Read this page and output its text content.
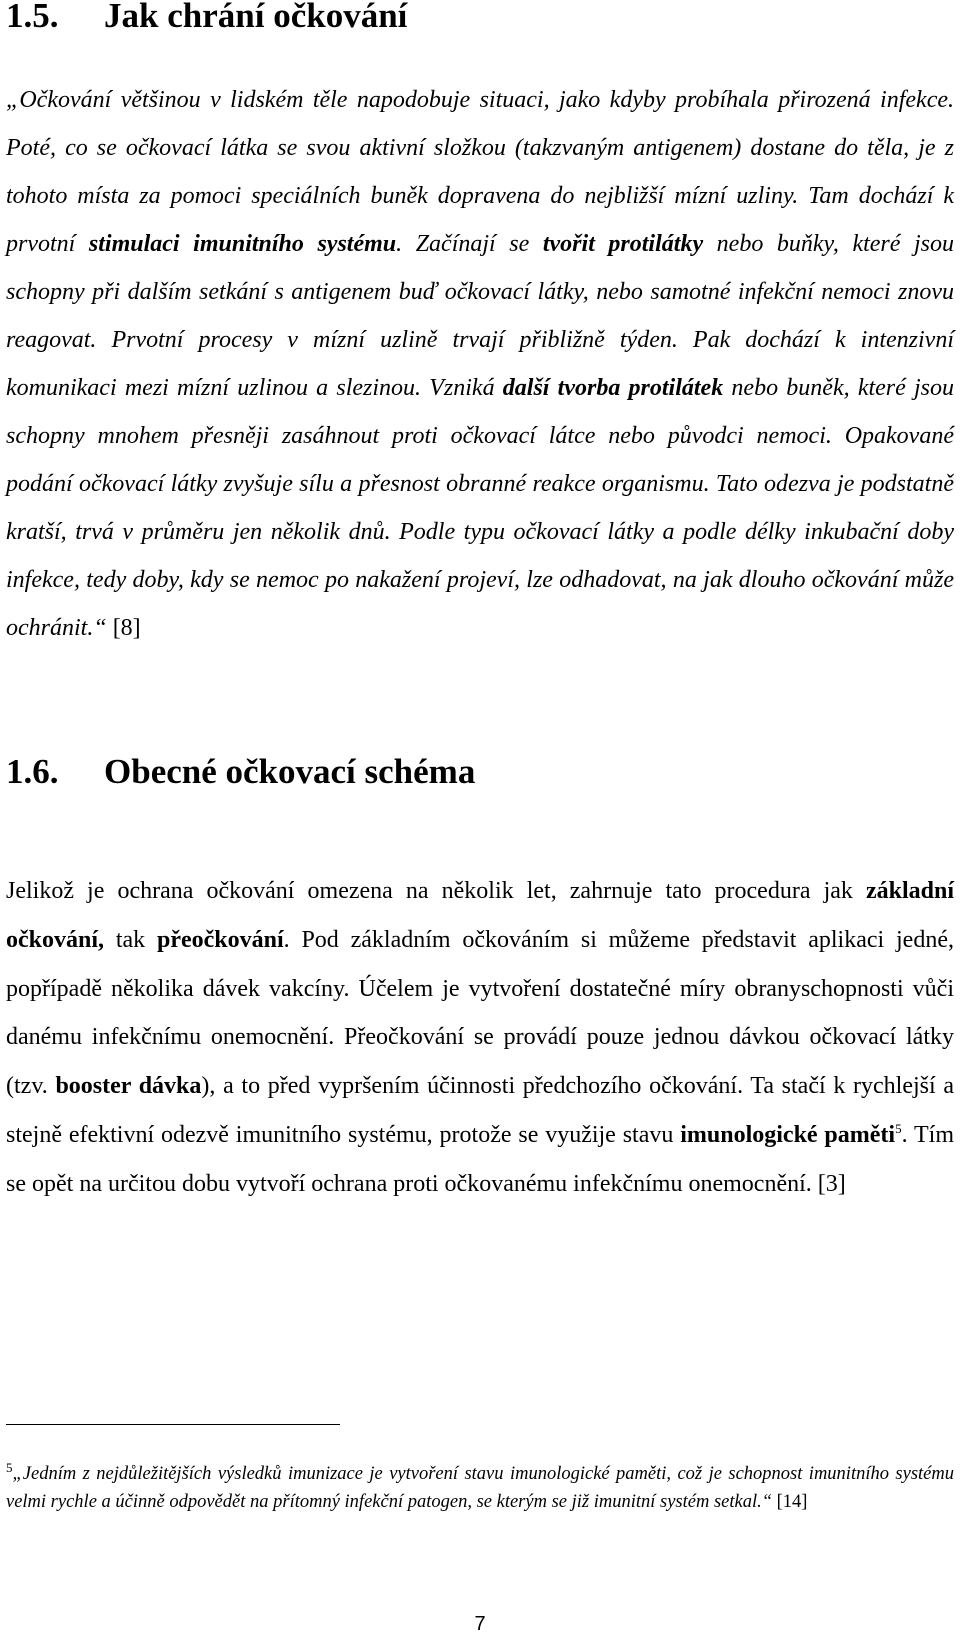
1.5. Jak chrání očkování

„Očkování většinou v lidském těle napodobuje situaci, jako kdyby probíhala přirozená infekce. Poté, co se očkovací látka se svou aktivní složkou (takzvaným antigenem) dostane do těla, je z tohoto místa za pomoci speciálních buněk dopravena do nejbližší mízní uzliny. Tam dochází k prvotní stimulaci imunitního systému. Začínají se tvořit protilátky nebo buňky, které jsou schopny při dalším setkání s antigenem buď očkovací látky, nebo samotné infekční nemoci znovu reagovat. Prvotní procesy v mízní uzlině trvají přibližně týden. Pak dochází k intenzivní komunikaci mezi mízní uzlinou a slezinou. Vzniká další tvorba protilátek nebo buněk, které jsou schopny mnohem přesněji zasáhnout proti očkovací látce nebo původci nemoci. Opakované podání očkovací látky zvyšuje sílu a přesnost obranné reakce organismu. Tato odezva je podstatně kratší, trvá v průměru jen několik dnů. Podle typu očkovací látky a podle délky inkubační doby infekce, tedy doby, kdy se nemoc po nakažení projeví, lze odhadovat, na jak dlouho očkování může ochránit.“ [8]

1.6. Obecné očkovací schéma

Jelikož je ochrana očkování omezena na několik let, zahrnuje tato procedura jak základní očkování, tak přeočkování. Pod základním očkováním si můžeme představit aplikaci jedné, popřípadě několika dávek vakcíny. Účelem je vytvoření dostatečné míry obranyschopnosti vůči danému infekčnímu onemocnění. Přeočkování se provádí pouze jednou dávkou očkovací látky (tzv. booster dávka), a to před vypršením účinnosti předchozího očkování. Ta stačí k rychlejší a stejně efektivní odezvě imunitního systému, protože se využije stavu imunologické paměti$^5$. Tím se opět na určitou dobu vytvoří ochrana proti očkovanému infekčnímu onemocnění. [3]

$^5$„Jedním z nejdůležitějších výsledků imunizace je vytvoření stavu imunologické paměti, což je schopnost imunitního systému velmi rychle a účinně odpovědět na přítomný infekční patogen, se kterým se již imunitní systém setkal.“ [14]

7
